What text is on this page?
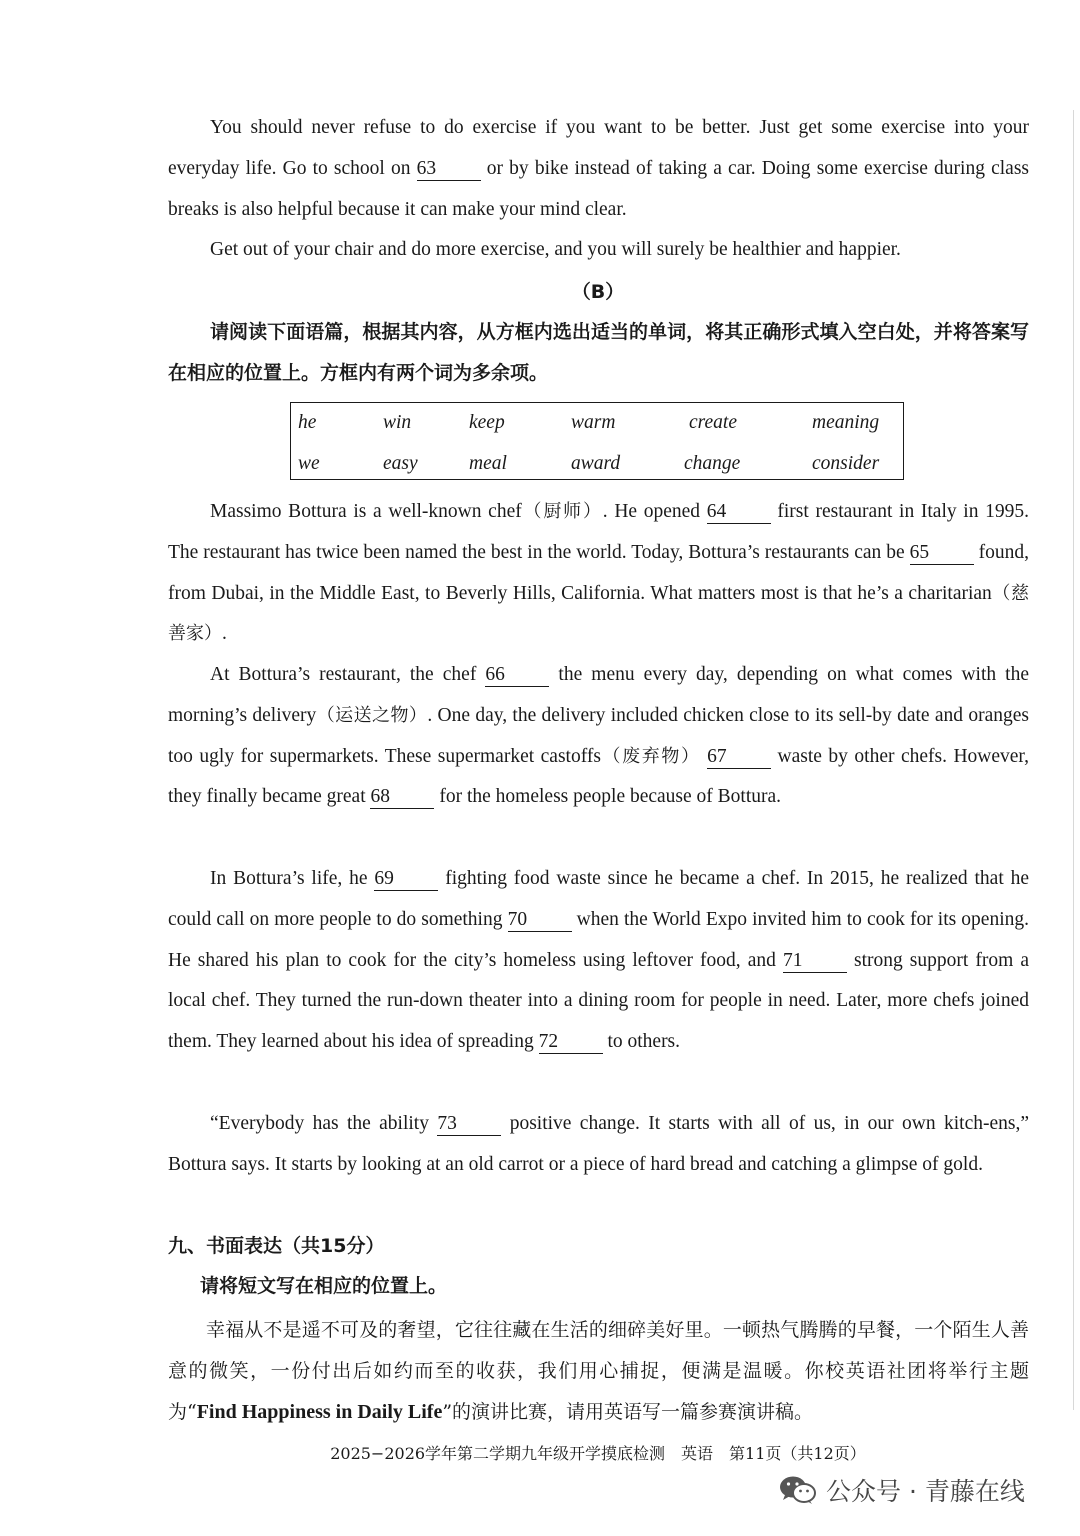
You should never refuse to do exercise if you want to be better. Just get some exercise into your everyday life. Go to school on 63 or by bike instead of taking a car. Doing some exercise during class breaks is also helpful because it can make your mind clear.

Get out of your chair and do more exercise, and you will surely be healthier and happier.

（B）

请阅读下面语篇，根据其内容，从方框内选出适当的单词，将其正确形式填入空白处，并将答案写在相应的位置上。方框内有两个词为多余项。

he	win	keep	warm	create	meaning
we	easy	meal	award	change	consider

Massimo Bottura is a well-known chef（厨师）. He opened 64 first restaurant in Italy in 1995. The restaurant has twice been named the best in the world. Today, Bottura’s restaurants can be 65 found, from Dubai, in the Middle East, to Beverly Hills, California. What matters most is that he’s a charitarian（慈善家）.

At Bottura’s restaurant, the chef 66 the menu every day, depending on what comes with the morning’s delivery（运送之物）. One day, the delivery included chicken close to its sell-by date and oranges too ugly for supermarkets. These supermarket castoffs（废弃物） 67 waste by other chefs. However, they finally became great 68 for the homeless people because of Bottura.

In Bottura’s life, he 69 fighting food waste since he became a chef. In 2015, he realized that he could call on more people to do something 70 when the World Expo invited him to cook for its opening. He shared his plan to cook for the city’s homeless using leftover food, and 71 strong support from a local chef. They turned the run-down theater into a dining room for people in need. Later, more chefs joined them. They learned about his idea of spreading 72 to others.

“Everybody has the ability 73 positive change. It starts with all of us, in our own kitch-ens,” Bottura says. It starts by looking at an old carrot or a piece of hard bread and catching a glimpse of gold.

九、书面表达（共15分）
请将短文写在相应的位置上。

幸福从不是遥不可及的奢望，它往往藏在生活的细碎美好里。一顿热气腾腾的早餐，一个陌生人善意的微笑，一份付出后如约而至的收获，我们用心捕捉，便满是温暖。你校英语社团将举行主题为“Find Happiness in Daily Life”的演讲比赛，请用英语写一篇参赛演讲稿。

2025−2026学年第二学期九年级开学摸底检测　英语　第11页（共12页）
公众号 · 青藤在线
